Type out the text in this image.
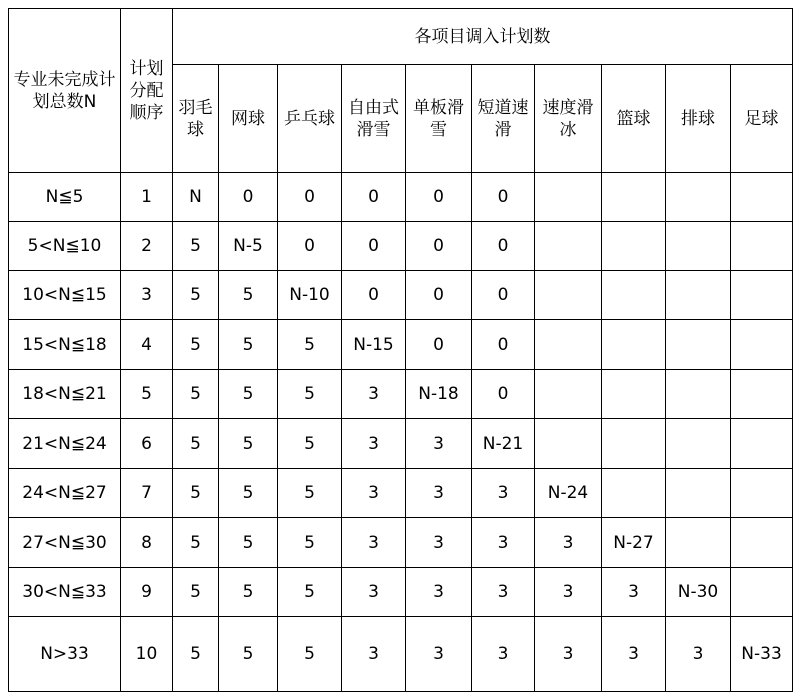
专业未完成计划总数N	计划分配顺序	各项目调入计划数									
		羽毛球	网球	乒乓球	自由式滑雪	单板滑雪	短道速滑	速度滑冰	篮球	排球	足球
N≦5	1	N	0	0	0	0	0				
5<N≦10	2	5	N-5	0	0	0	0				
10<N≦15	3	5	5	N-10	0	0	0				
15<N≦18	4	5	5	5	N-15	0	0				
18<N≦21	5	5	5	5	3	N-18	0				
21<N≦24	6	5	5	5	3	3	N-21				
24<N≦27	7	5	5	5	3	3	3	N-24			
27<N≦30	8	5	5	5	3	3	3	3	N-27		
30<N≦33	9	5	5	5	3	3	3	3	3	N-30	
N>33	10	5	5	5	3	3	3	3	3	3	N-33
